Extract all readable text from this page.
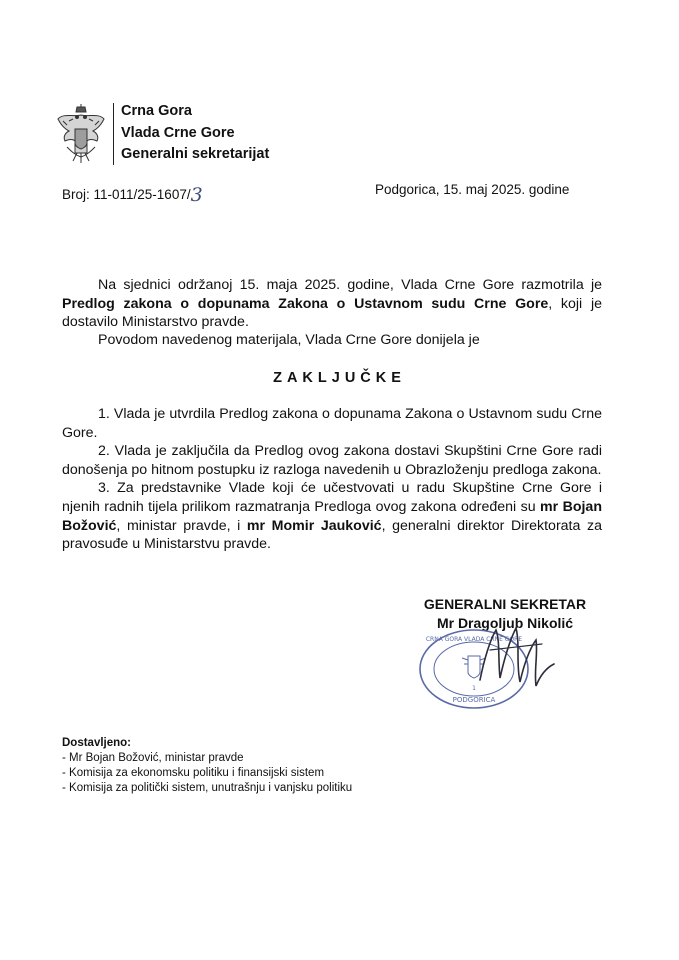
Crna Gora
Vlada Crne Gore
Generalni sekretarijat
Broj: 11-011/25-1607/3	Podgorica, 15. maj 2025. godine
Na sjednici održanoj 15. maja 2025. godine, Vlada Crne Gore razmotrila je Predlog zakona o dopunama Zakona o Ustavnom sudu Crne Gore, koji je dostavilo Ministarstvo pravde.
Povodom navedenog materijala, Vlada Crne Gore donijela je
ZAKLJUČKE

1. Vlada je utvrdila Predlog zakona o dopunama Zakona o Ustavnom sudu Crne Gore.

2. Vlada je zaključila da Predlog ovog zakona dostavi Skupštini Crne Gore radi donošenja po hitnom postupku iz razloga navedenih u Obrazloženju predloga zakona.

3. Za predstavnike Vlade koji će učestvovati u radu Skupštine Crne Gore i njenih radnih tijela prilikom razmatranja Predloga ovog zakona određeni su mr Bojan Božović, ministar pravde, i mr Momir Jauković, generalni direktor Direktorata za pravosuđe u Ministarstvu pravde.

GENERALNI SEKRETAR
Mr Dragoljub Nikolić
CRNA GORA VLADA CRNE GORE
1
PODGORICA
Dostavljeno:
- Mr Bojan Božović, ministar pravde
- Komisija za ekonomsku politiku i finansijski sistem
- Komisija za politički sistem, unutrašnju i vanjsku politiku
